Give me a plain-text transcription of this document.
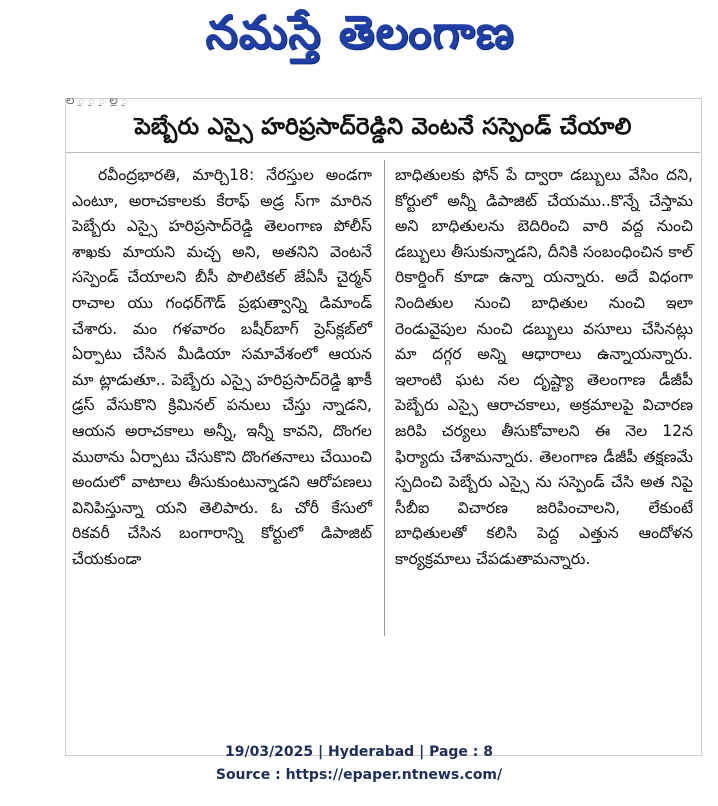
నమస్తే తెలంగాణ
ల ౖ ౖ ౖ ల్ల ౖ
పెబ్బేరు ఎస్సై హరిప్రసాద్‌రెడ్డిని వెంటనే సస్పెండ్ చేయాలి

రవీంద్రభారతి, మార్చి18: నేరస్తుల అండగా ఎంటూ, అరాచకాలకు కేరాఫ్ అడ్ర స్‌గా మారిన పెబ్బేరు ఎస్సై హరిప్రసాద్‌రెడ్డి తెలంగాణ పోలీస్ శాఖకు మాయని మచ్చ అని, అతనిని వెంటనే సస్పెండ్ చేయాలని బీసీ పొలిటికల్ జేఏసీ చైర్మన్ రాచాల యు గంధర్‌గౌడ్ ప్రభుత్వాన్ని డిమాండ్ చేశారు. మం గళవారం బషీర్‌బాగ్ ప్రెస్‌క్లబ్‌లో ఏర్పాటు చేసిన మీడియా సమావేశంలో ఆయన మా ట్లాడుతూ.. పెబ్బేరు ఎస్సై హరిప్రసాద్‌రెడ్డి ఖాకీ డ్రస్ వేసుకొని క్రిమినల్ పనులు చేస్తు న్నాడని, ఆయన అరాచకాలు అన్నీ, ఇన్నీ కావని, దొంగల ముఠాను ఏర్పాటు చేసుకొని దొంగతనాలు చేయించి అందులో వాటాలు తీసుకుంటున్నాడని ఆరోపణలు వినిపిస్తున్నా యని తెలిపారు. ఓ చోరీ కేసులో రికవరీ చేసిన బంగారాన్ని కోర్టులో డిపాజిట్ చేయకుండా

బాధితులకు ఫోన్ పే ద్వారా డబ్బులు వేసిం దని, కోర్టులో అన్నీ డిపాజిట్ చేయము..కొన్నే చేస్తామ అని బాధితులను బెదిరించి వారి వద్ద నుంచి డబ్బులు తీసుకున్నాడని, దీనికి సంబంధించిన కాల్ రికార్డింగ్ కూడా ఉన్నా యన్నారు. అదే విధంగా నిందితుల నుంచి బాధితుల నుంచి ఇలా రెండువైపుల నుంచి డబ్బులు వసూలు చేసినట్లు మా దగ్గర అన్ని ఆధారాలు ఉన్నాయన్నారు. ఇలాంటి ఘట నల దృష్ట్యా తెలంగాణ డీజీపీ పెబ్బేరు ఎస్సై ఆరాచకాలు, అక్రమాలపై విచారణ జరిపి చర్యలు తీసుకోవాలని ఈ నెల 12న ఫిర్యాదు చేశామన్నారు. తెలంగాణ డీజీపీ తక్షణమే స్పదించి పెబ్బేరు ఎస్సై ను సస్పెండ్ చేసి అత నిపై సీబీఐ విచారణ జరిపించాలని, లేకుంటే బాధితులతో కలిసి పెద్ద ఎత్తున ఆందోళన కార్యక్రమాలు చేపడుతామన్నారు.

19/03/2025 | Hyderabad | Page : 8
Source : https://epaper.ntnews.com/
